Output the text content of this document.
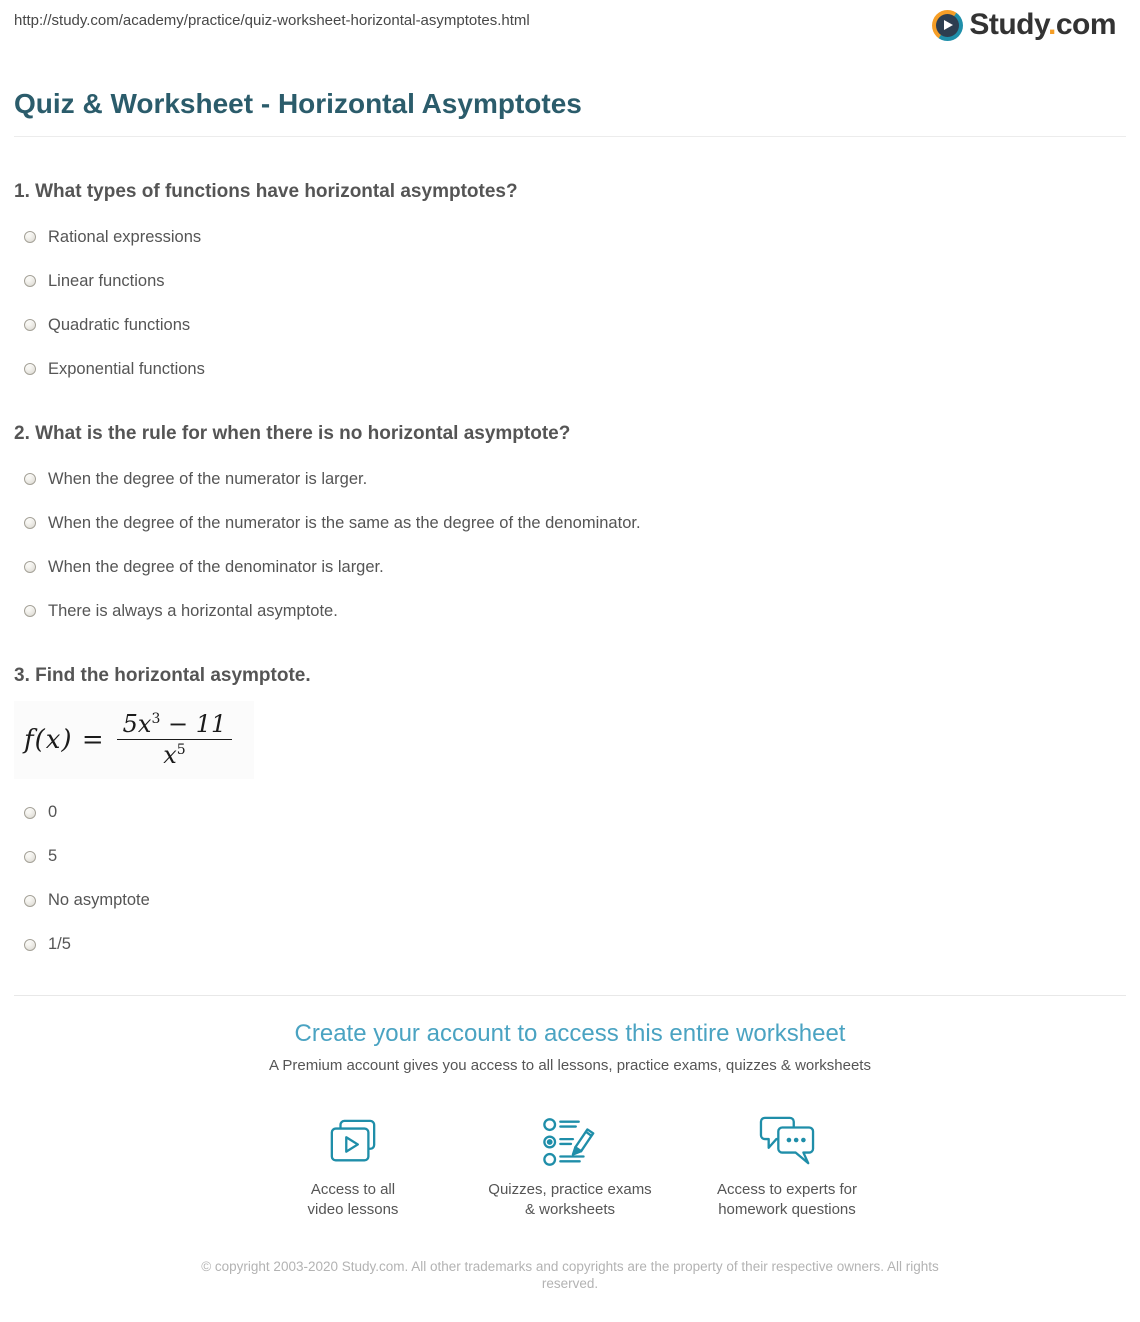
http://study.com/academy/practice/quiz-worksheet-horizontal-asymptotes.html	Study.com
Quiz & Worksheet - Horizontal Asymptotes
1. What types of functions have horizontal asymptotes?
Rational expressions
Linear functions
Quadratic functions
Exponential functions
2. What is the rule for when there is no horizontal asymptote?
When the degree of the numerator is larger.
When the degree of the numerator is the same as the degree of the denominator.
When the degree of the denominator is larger.
There is always a horizontal asymptote.
3. Find the horizontal asymptote.
$f(x) = \frac{5x^3 - 11}{x^5}$
0
5
No asymptote
1/5
Create your account to access this entire worksheet
A Premium account gives you access to all lessons, practice exams, quizzes & worksheets
Access to all
video lessons
Quizzes, practice exams
& worksheets
Access to experts for
homework questions
© copyright 2003-2020 Study.com. All other trademarks and copyrights are the property of their respective owners. All rights reserved.
